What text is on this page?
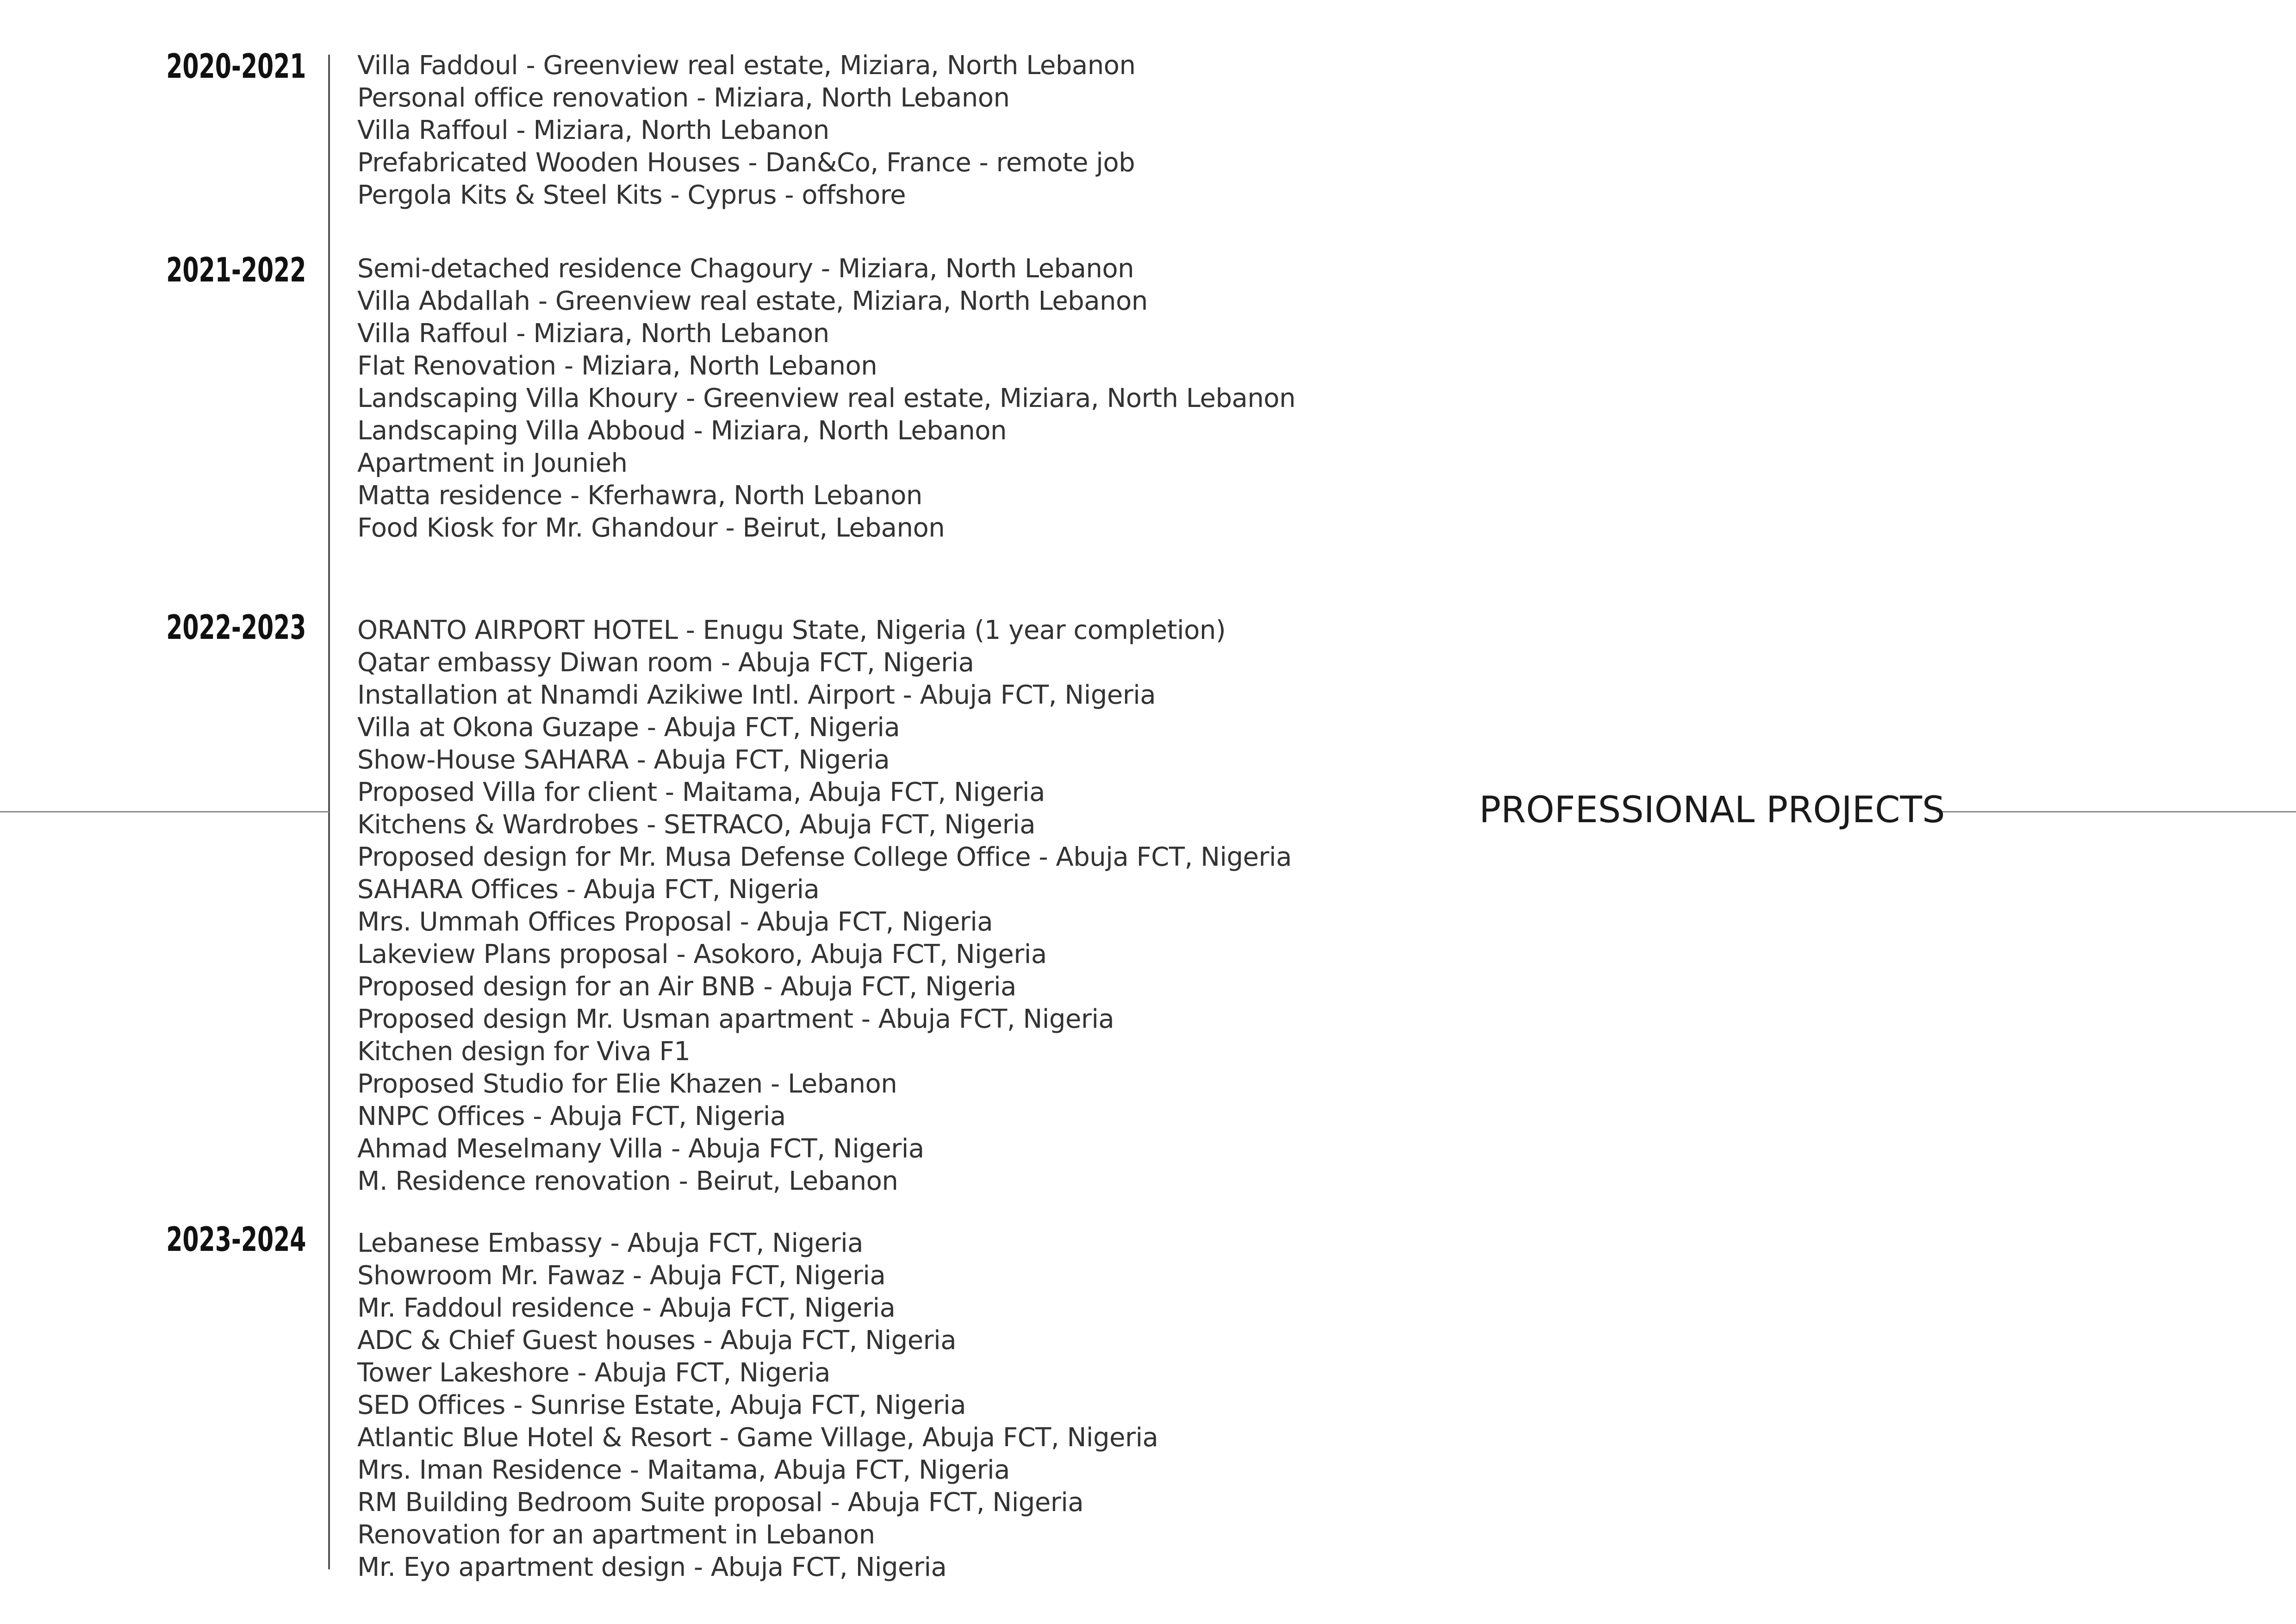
PROFESSIONAL PROJECTS
2020-2021 Villa Faddoul - Greenview real estate, Miziara, North Lebanon
Personal office renovation - Miziara, North Lebanon
Villa Raffoul - Miziara, North Lebanon
Prefabricated Wooden Houses - Dan&Co, France - remote job
Pergola Kits & Steel Kits - Cyprus - offshore
2021-2022 Semi-detached residence Chagoury - Miziara, North Lebanon
Villa Abdallah - Greenview real estate, Miziara, North Lebanon
Villa Raffoul - Miziara, North Lebanon
Flat Renovation - Miziara, North Lebanon
Landscaping Villa Khoury - Greenview real estate, Miziara, North Lebanon
Landscaping Villa Abboud - Miziara, North Lebanon
Apartment in Jounieh
Matta residence - Kferhawra, North Lebanon
Food Kiosk for Mr. Ghandour - Beirut, Lebanon
2022-2023 ORANTO AIRPORT HOTEL - Enugu State, Nigeria (1 year completion)
Qatar embassy Diwan room - Abuja FCT, Nigeria
Installation at Nnamdi Azikiwe Intl. Airport - Abuja FCT, Nigeria
Villa at Okona Guzape - Abuja FCT, Nigeria
Show-House SAHARA - Abuja FCT, Nigeria
Proposed Villa for client - Maitama, Abuja FCT, Nigeria
Kitchens & Wardrobes - SETRACO, Abuja FCT, Nigeria
Proposed design for Mr. Musa Defense College Office - Abuja FCT, Nigeria
SAHARA Offices - Abuja FCT, Nigeria
Mrs. Ummah Offices Proposal - Abuja FCT, Nigeria
Lakeview Plans proposal - Asokoro, Abuja FCT, Nigeria
Proposed design for an Air BNB - Abuja FCT, Nigeria
Proposed design Mr. Usman apartment - Abuja FCT, Nigeria
Kitchen design for Viva F1
Proposed Studio for Elie Khazen - Lebanon
NNPC Offices - Abuja FCT, Nigeria
Ahmad Meselmany Villa - Abuja FCT, Nigeria
M. Residence renovation - Beirut, Lebanon
2023-2024 Lebanese Embassy - Abuja FCT, Nigeria
Showroom Mr. Fawaz - Abuja FCT, Nigeria
Mr. Faddoul residence - Abuja FCT, Nigeria
ADC & Chief Guest houses - Abuja FCT, Nigeria
Tower Lakeshore - Abuja FCT, Nigeria
SED Offices - Sunrise Estate, Abuja FCT, Nigeria
Atlantic Blue Hotel & Resort - Game Village, Abuja FCT, Nigeria
Mrs. Iman Residence - Maitama, Abuja FCT, Nigeria
RM Building Bedroom Suite proposal - Abuja FCT, Nigeria
Renovation for an apartment in Lebanon
Mr. Eyo apartment design - Abuja FCT, Nigeria
